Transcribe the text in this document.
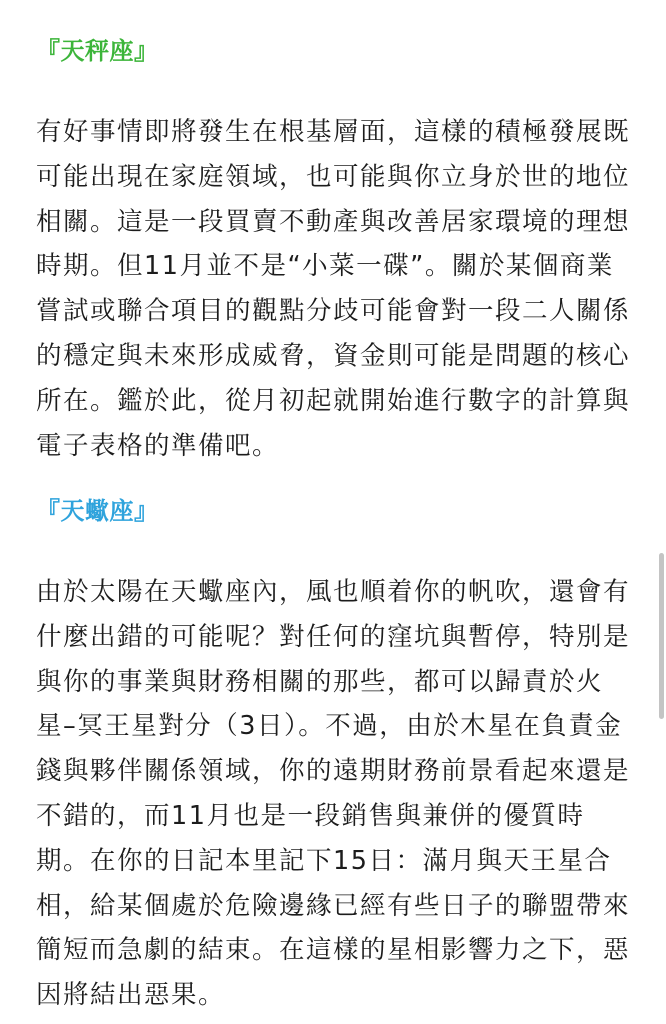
『天秤座』

有好事情即將發生在根基層面，這樣的積極發展既可能出現在家庭領域，也可能與你立身於世的地位相關。這是一段買賣不動產與改善居家環境的理想時期。但11月並不是“小菜一碟”。關於某個商業嘗試或聯合項目的觀點分歧可能會對一段二人關係的穩定與未來形成威脅，資金則可能是問題的核心所在。鑑於此，從月初起就開始進行數字的計算與電子表格的準備吧。

『天蠍座』

由於太陽在天蠍座內，風也順着你的帆吹，還會有什麼出錯的可能呢？對任何的窪坑與暫停，特別是與你的事業與財務相關的那些，都可以歸責於火星–冥王星對分（3日）。不過，由於木星在負責金錢與夥伴關係領域，你的遠期財務前景看起來還是不錯的，而11月也是一段銷售與兼併的優質時期。在你的日記本里記下15日：滿月與天王星合相，給某個處於危險邊緣已經有些日子的聯盟帶來簡短而急劇的結束。在這樣的星相影響力之下，惡因將結出惡果。
